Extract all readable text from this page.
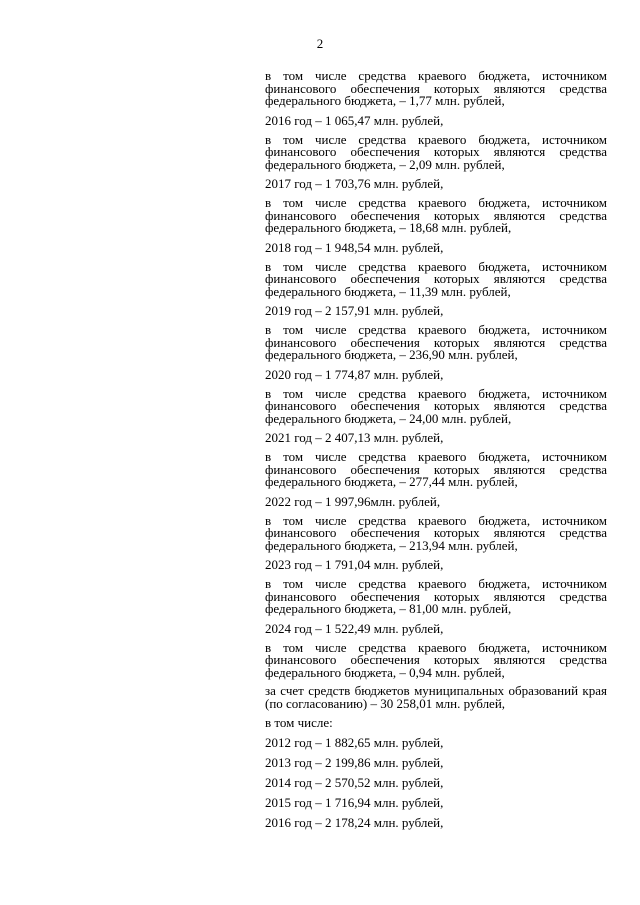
2

в том числе средства краевого бюджета, источником финансового обеспечения которых являются средства федерального бюджета, – 1,77 млн. рублей,

2016 год – 1 065,47 млн. рублей,

в том числе средства краевого бюджета, источником финансового обеспечения которых являются средства федерального бюджета, – 2,09 млн. рублей,

2017 год – 1 703,76 млн. рублей,

в том числе средства краевого бюджета, источником финансового обеспечения которых являются средства федерального бюджета, – 18,68 млн. рублей,

2018 год – 1 948,54 млн. рублей,

в том числе средства краевого бюджета, источником финансового обеспечения которых являются средства федерального бюджета, – 11,39 млн. рублей,

2019 год – 2 157,91 млн. рублей,

в том числе средства краевого бюджета, источником финансового обеспечения которых являются средства федерального бюджета, – 236,90 млн. рублей,

2020 год – 1 774,87 млн. рублей,

в том числе средства краевого бюджета, источником финансового обеспечения которых являются средства федерального бюджета, – 24,00 млн. рублей,

2021 год – 2 407,13 млн. рублей,

в том числе средства краевого бюджета, источником финансового обеспечения которых являются средства федерального бюджета, – 277,44 млн. рублей,

2022 год – 1 997,96млн. рублей,

в том числе средства краевого бюджета, источником финансового обеспечения которых являются средства федерального бюджета, – 213,94 млн. рублей,

2023 год – 1 791,04 млн. рублей,

в том числе средства краевого бюджета, источником финансового обеспечения которых являются средства федерального бюджета, – 81,00 млн. рублей,

2024 год – 1 522,49 млн. рублей,

в том числе средства краевого бюджета, источником финансового обеспечения которых являются средства федерального бюджета, – 0,94 млн. рублей,

за счет средств бюджетов муниципальных образований края (по согласованию) – 30 258,01 млн. рублей,

в том числе:

2012 год – 1 882,65 млн. рублей,

2013 год – 2 199,86 млн. рублей,

2014 год – 2 570,52 млн. рублей,

2015 год – 1 716,94 млн. рублей,

2016 год – 2 178,24 млн. рублей,
